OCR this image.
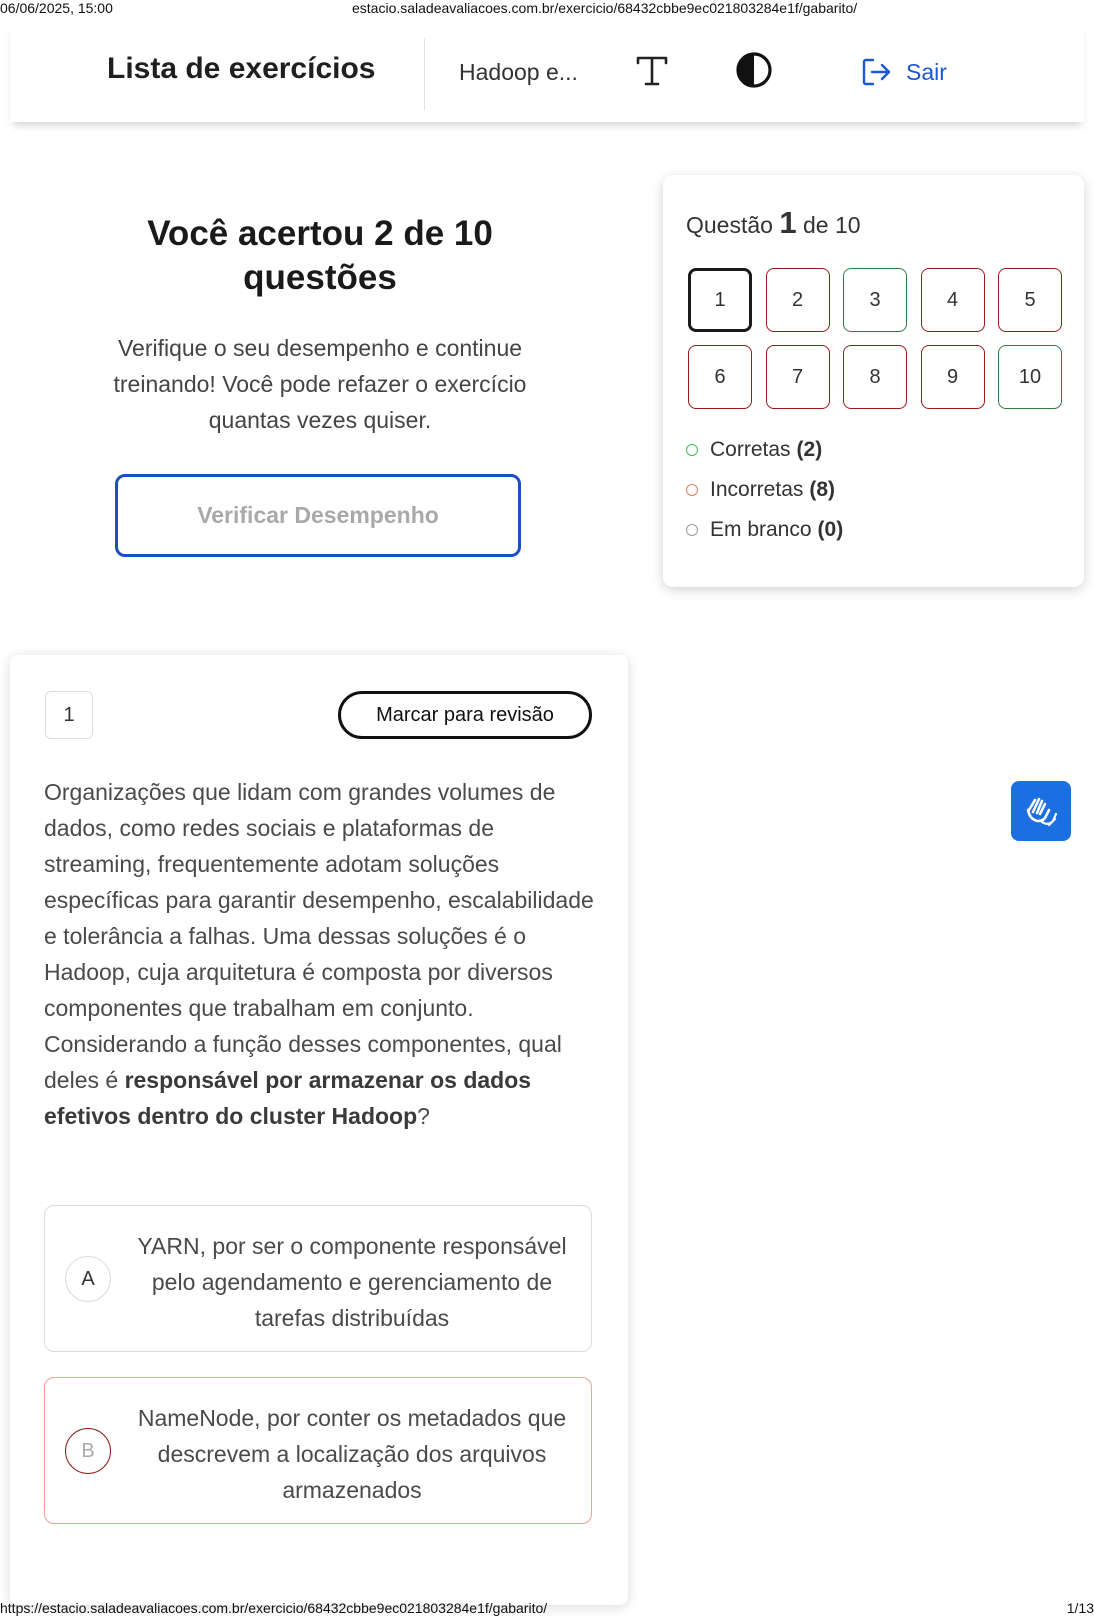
06/06/2025, 15:00	estacio.saladeavaliacoes.com.br/exercicio/68432cbbe9ec021803284e1f/gabarito/
Lista de exercícios	Hadoop e...	Sair
Você acertou 2 de 10
questões
Verifique o seu desempenho e continue treinando! Você pode refazer o exercício quantas vezes quiser.
Verificar Desempenho
Questão 1 de 10
1	2	3	4	5
6	7	8	9	10
Corretas (2)
Incorretas (8)
Em branco (0)
1	Marcar para revisão
Organizações que lidam com grandes volumes de dados, como redes sociais e plataformas de streaming, frequentemente adotam soluções específicas para garantir desempenho, escalabilidade e tolerância a falhas. Uma dessas soluções é o Hadoop, cuja arquitetura é composta por diversos componentes que trabalham em conjunto. Considerando a função desses componentes, qual deles é responsável por armazenar os dados efetivos dentro do cluster Hadoop?
A
YARN, por ser o componente responsável pelo agendamento e gerenciamento de tarefas distribuídas
B
NameNode, por conter os metadados que descrevem a localização dos arquivos armazenados
https://estacio.saladeavaliacoes.com.br/exercicio/68432cbbe9ec021803284e1f/gabarito/	1/13
